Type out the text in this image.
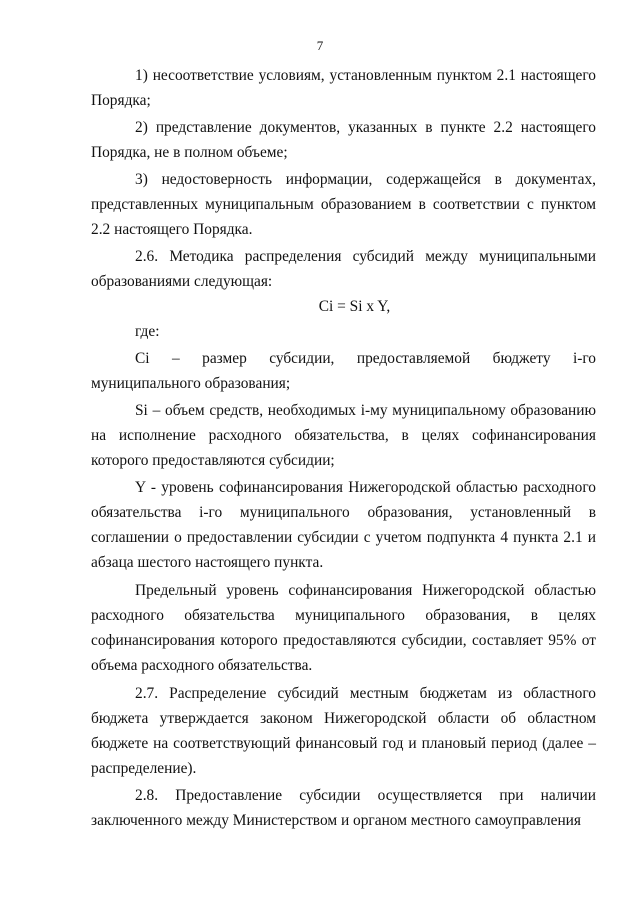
7

1) несоответствие условиям, установленным пунктом 2.1 настоящего Порядка;

2) представление документов, указанных в пункте 2.2 настоящего Порядка, не в полном объеме;

3) недостоверность информации, содержащейся в документах, представленных муниципальным образованием в соответствии с пунктом 2.2 настоящего Порядка.

2.6. Методика распределения субсидий между муниципальными образованиями следующая:

Ci = Si x Y,

где:

Ci – размер субсидии, предоставляемой бюджету i-го муниципального образования;

Si – объем средств, необходимых i-му муниципальному образованию на исполнение расходного обязательства, в целях софинансирования которого предоставляются субсидии;

Y - уровень софинансирования Нижегородской областью расходного обязательства i-го муниципального образования, установленный в соглашении о предоставлении субсидии с учетом подпункта 4 пункта 2.1 и абзаца шестого настоящего пункта.

Предельный уровень софинансирования Нижегородской областью расходного обязательства муниципального образования, в целях софинансирования которого предоставляются субсидии, составляет 95% от объема расходного обязательства.

2.7. Распределение субсидий местным бюджетам из областного бюджета утверждается законом Нижегородской области об областном бюджете на соответствующий финансовый год и плановый период (далее – распределение).

2.8. Предоставление субсидии осуществляется при наличии заключенного между Министерством и органом местного самоуправления
